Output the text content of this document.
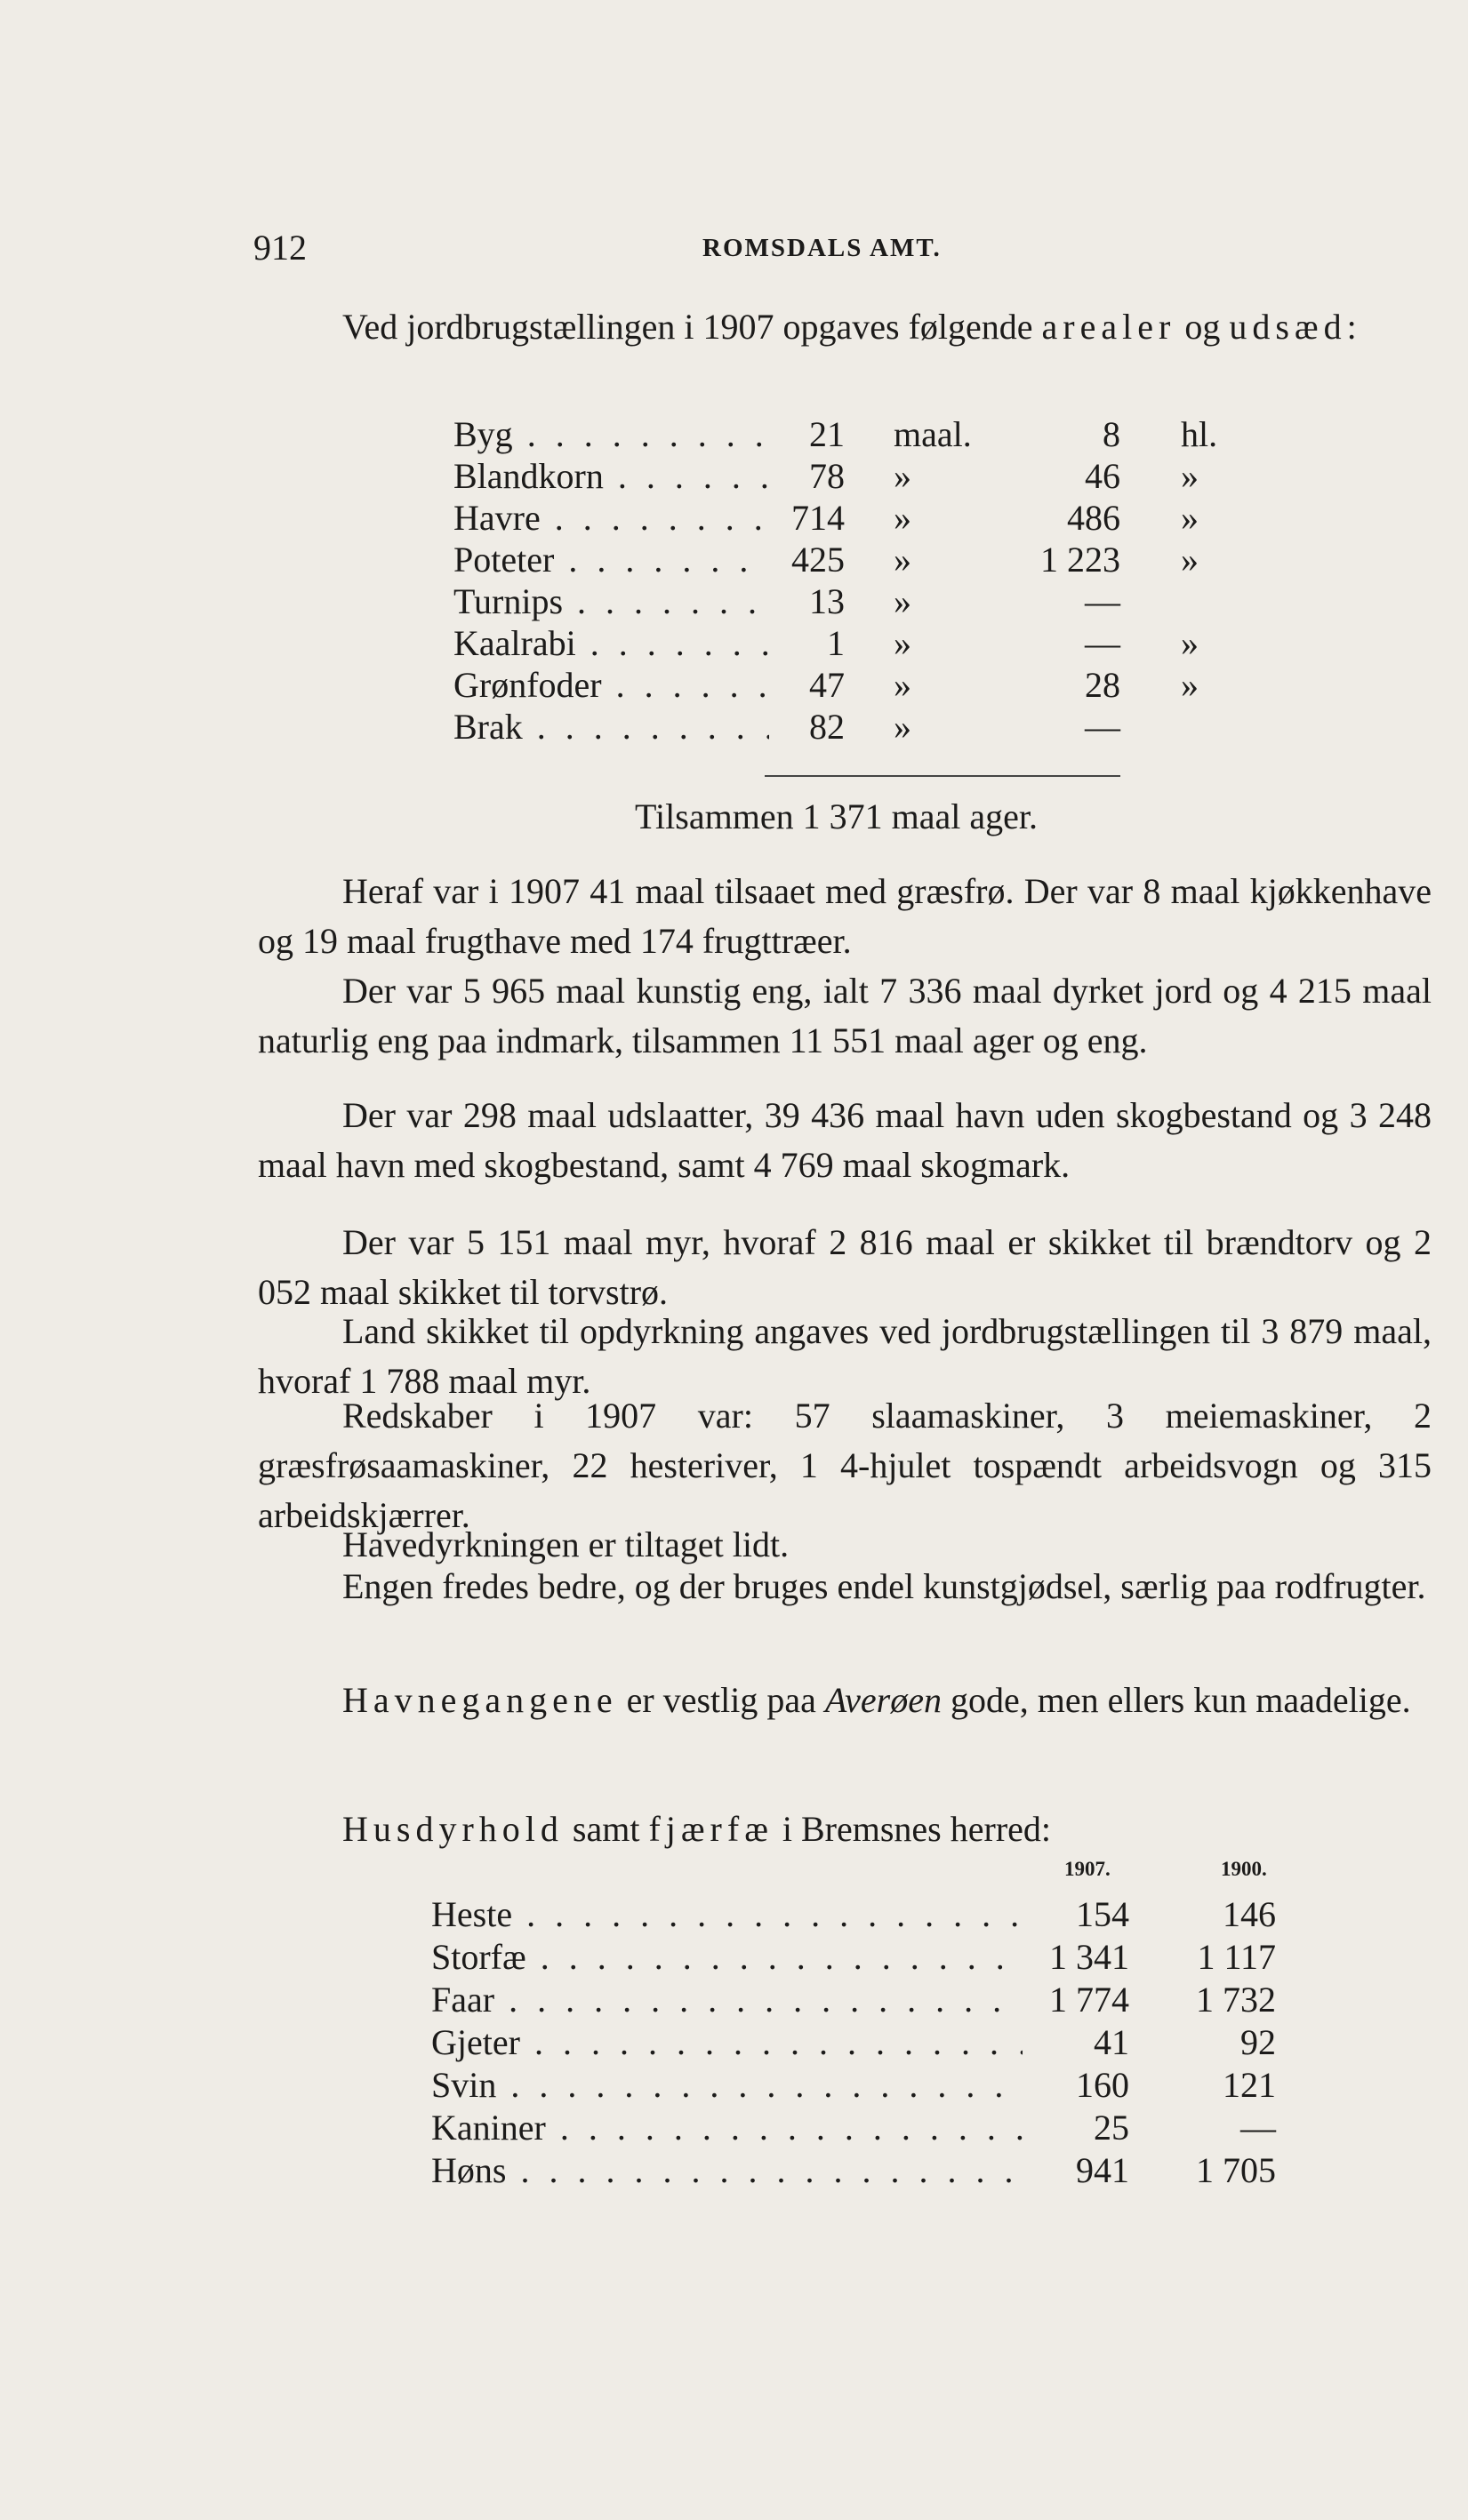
912	ROMSDALS AMT.

Ved jordbrugstællingen i 1907 opgaves følgende arealer og udsæd:

Byg . . .	21 maal.	8 hl.
Blandkorn . . .	78 »	46 »
Havre . . .	714 »	486 »
Poteter . . .	425 »	1 223 »
Turnips . . .	13 »	—
Kaalrabi . . .	1 »	— »
Grønfoder . . .	47 »	28 »
Brak . . .	82 »	—
Tilsammen 1 371 maal ager.

Heraf var i 1907 41 maal tilsaaet med græsfrø. Der var 8 maal kjøkkenhave og 19 maal frugthave med 174 frugttræer.

Der var 5 965 maal kunstig eng, ialt 7 336 maal dyrket jord og 4 215 maal naturlig eng paa indmark, tilsammen 11 551 maal ager og eng.

Der var 298 maal udslaatter, 39 436 maal havn uden skogbestand og 3 248 maal havn med skogbestand, samt 4 769 maal skogmark.

Der var 5 151 maal myr, hvoraf 2 816 maal er skikket til brændtorv og 2 052 maal skikket til torvstrø.

Land skikket til opdyrkning angaves ved jordbrugstællingen til 3 879 maal, hvoraf 1 788 maal myr.

Redskaber i 1907 var: 57 slaamaskiner, 3 meiemaskiner, 2 græsfrøsaamaskiner, 22 hesteriver, 1 4-hjulet tospændt arbeidsvogn og 315 arbeidskjærrer.

Havedyrkningen er tiltaget lidt.

Engen fredes bedre, og der bruges endel kunstgjødsel, særlig paa rodfrugter.

Havnegangene er vestlig paa Averøen gode, men ellers kun maadelige.

Husdyrhold samt fjærfæ i Bremsnes herred:

1907.	1900.
Heste . . .	154	146
Storfæ . . .	1 341	1 117
Faar . . .	1 774	1 732
Gjeter . . .	41	92
Svin . . .	160	121
Kaniner . . .	25	—
Høns . . .	941	1 705
